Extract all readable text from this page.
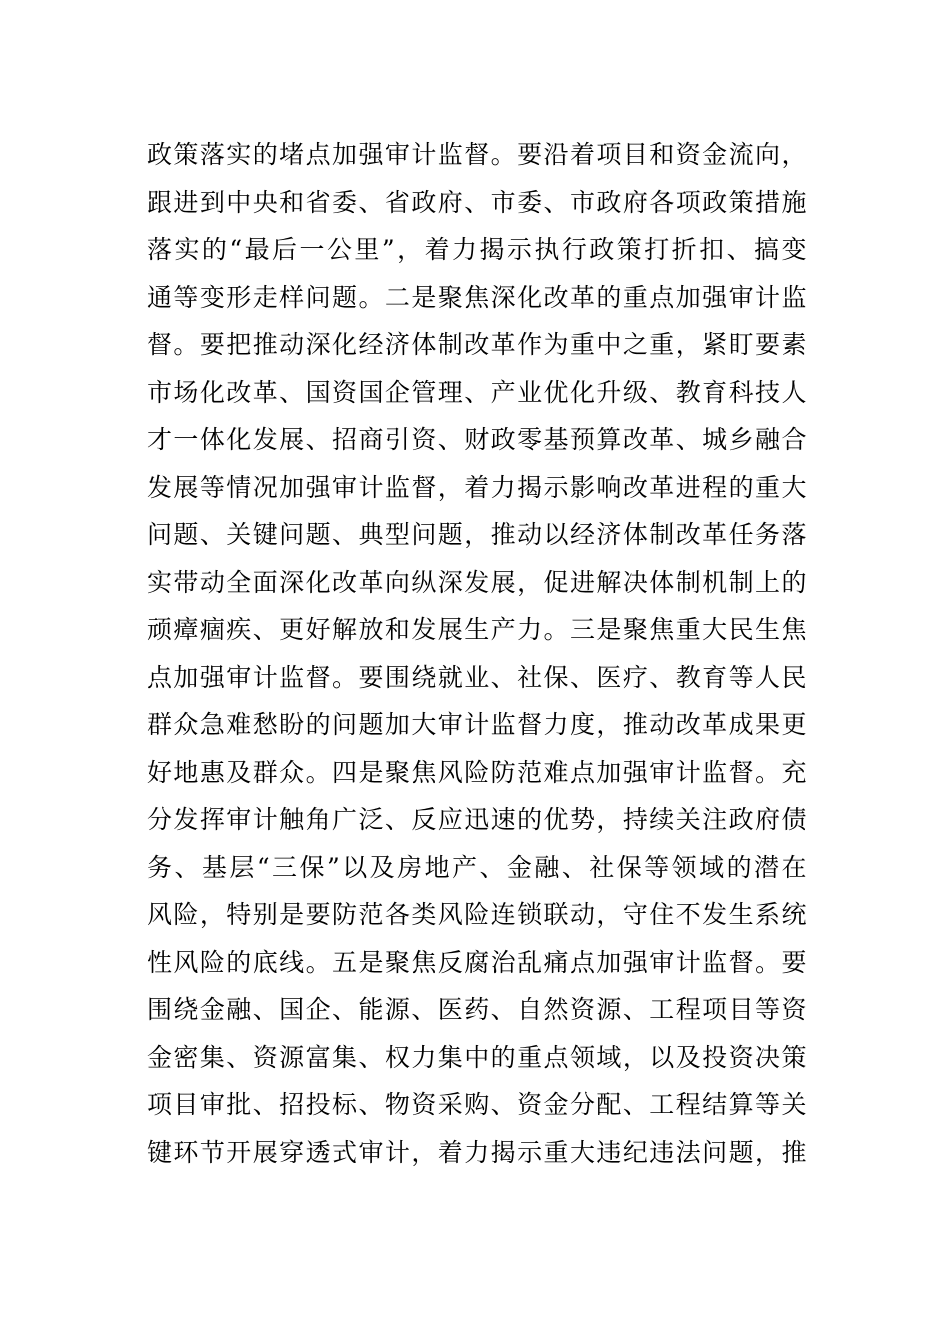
政策落实的堵点加强审计监督。要沿着项目和资金流向，
跟进到中央和省委、省政府、市委、市政府各项政策措施
落实的“最后一公里”，着力揭示执行政策打折扣、搞变
通等变形走样问题。二是聚焦深化改革的重点加强审计监
督。要把推动深化经济体制改革作为重中之重，紧盯要素
市场化改革、国资国企管理、产业优化升级、教育科技人
才一体化发展、招商引资、财政零基预算改革、城乡融合
发展等情况加强审计监督，着力揭示影响改革进程的重大
问题、关键问题、典型问题，推动以经济体制改革任务落
实带动全面深化改革向纵深发展，促进解决体制机制上的
顽瘴痼疾、更好解放和发展生产力。三是聚焦重大民生焦
点加强审计监督。要围绕就业、社保、医疗、教育等人民
群众急难愁盼的问题加大审计监督力度，推动改革成果更
好地惠及群众。四是聚焦风险防范难点加强审计监督。充
分发挥审计触角广泛、反应迅速的优势，持续关注政府债
务、基层“三保”以及房地产、金融、社保等领域的潜在
风险，特别是要防范各类风险连锁联动，守住不发生系统
性风险的底线。五是聚焦反腐治乱痛点加强审计监督。要
围绕金融、国企、能源、医药、自然资源、工程项目等资
金密集、资源富集、权力集中的重点领域，以及投资决策
项目审批、招投标、物资采购、资金分配、工程结算等关
键环节开展穿透式审计，着力揭示重大违纪违法问题，推
